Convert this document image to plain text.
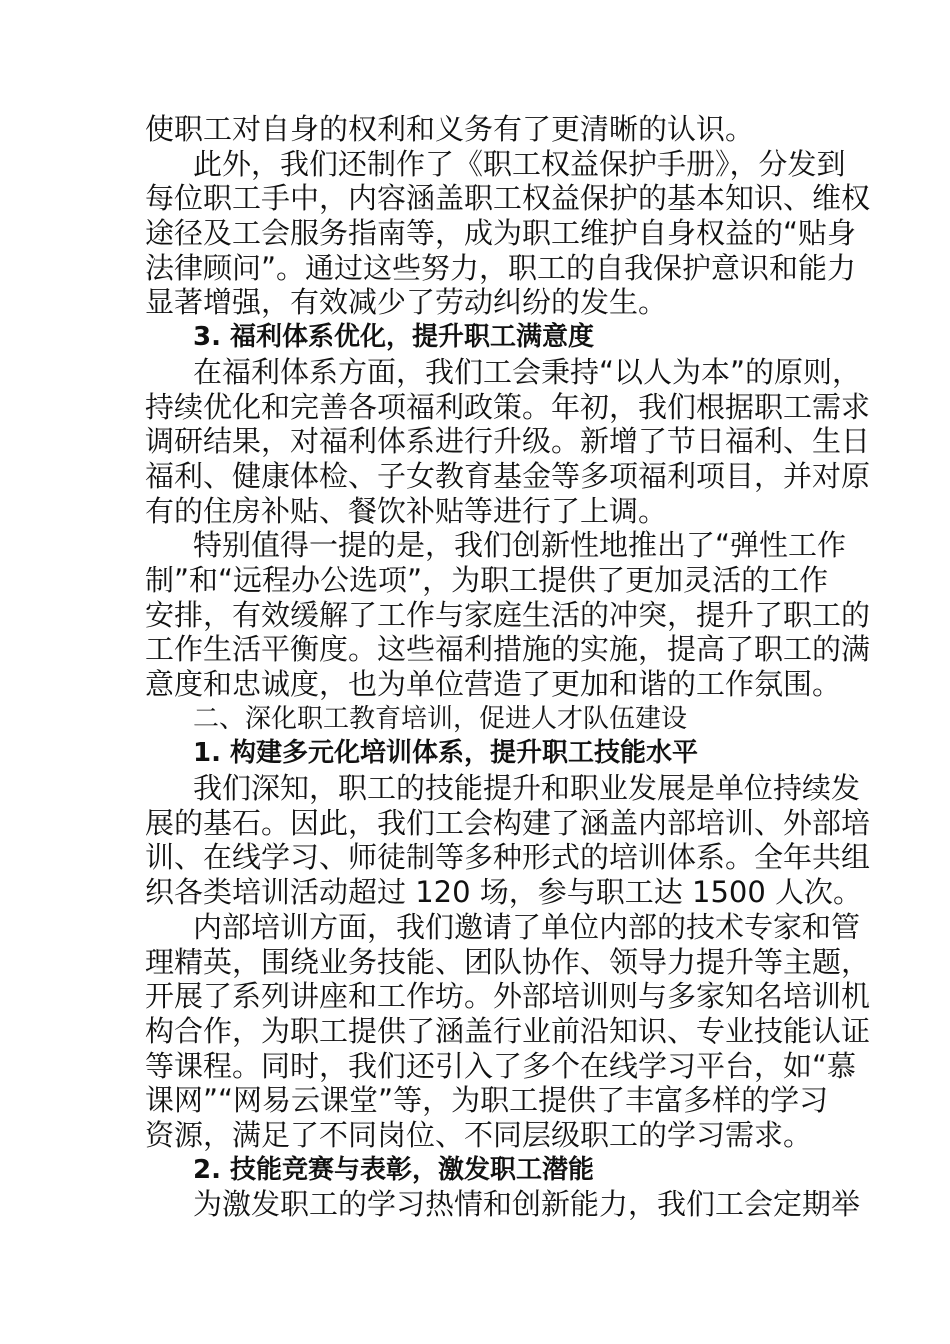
使职工对自身的权利和义务有了更清晰的认识。
此外，我们还制作了《职工权益保护手册》，分发到
每位职工手中，内容涵盖职工权益保护的基本知识、维权
途径及工会服务指南等，成为职工维护自身权益的“贴身
法律顾问”。通过这些努力，职工的自我保护意识和能力
显著增强，有效减少了劳动纠纷的发生。
3. 福利体系优化，提升职工满意度
在福利体系方面，我们工会秉持“以人为本”的原则，
持续优化和完善各项福利政策。年初，我们根据职工需求
调研结果，对福利体系进行升级。新增了节日福利、生日
福利、健康体检、子女教育基金等多项福利项目，并对原
有的住房补贴、餐饮补贴等进行了上调。
特别值得一提的是，我们创新性地推出了“弹性工作
制”和“远程办公选项”，为职工提供了更加灵活的工作
安排，有效缓解了工作与家庭生活的冲突，提升了职工的
工作生活平衡度。这些福利措施的实施，提高了职工的满
意度和忠诚度，也为单位营造了更加和谐的工作氛围。
二、深化职工教育培训，促进人才队伍建设
1. 构建多元化培训体系，提升职工技能水平
我们深知，职工的技能提升和职业发展是单位持续发
展的基石。因此，我们工会构建了涵盖内部培训、外部培
训、在线学习、师徒制等多种形式的培训体系。全年共组
织各类培训活动超过 120 场，参与职工达 1500 人次。
内部培训方面，我们邀请了单位内部的技术专家和管
理精英，围绕业务技能、团队协作、领导力提升等主题，
开展了系列讲座和工作坊。外部培训则与多家知名培训机
构合作，为职工提供了涵盖行业前沿知识、专业技能认证
等课程。同时，我们还引入了多个在线学习平台，如“慕
课网”“网易云课堂”等，为职工提供了丰富多样的学习
资源，满足了不同岗位、不同层级职工的学习需求。
2. 技能竞赛与表彰，激发职工潜能
为激发职工的学习热情和创新能力，我们工会定期举
